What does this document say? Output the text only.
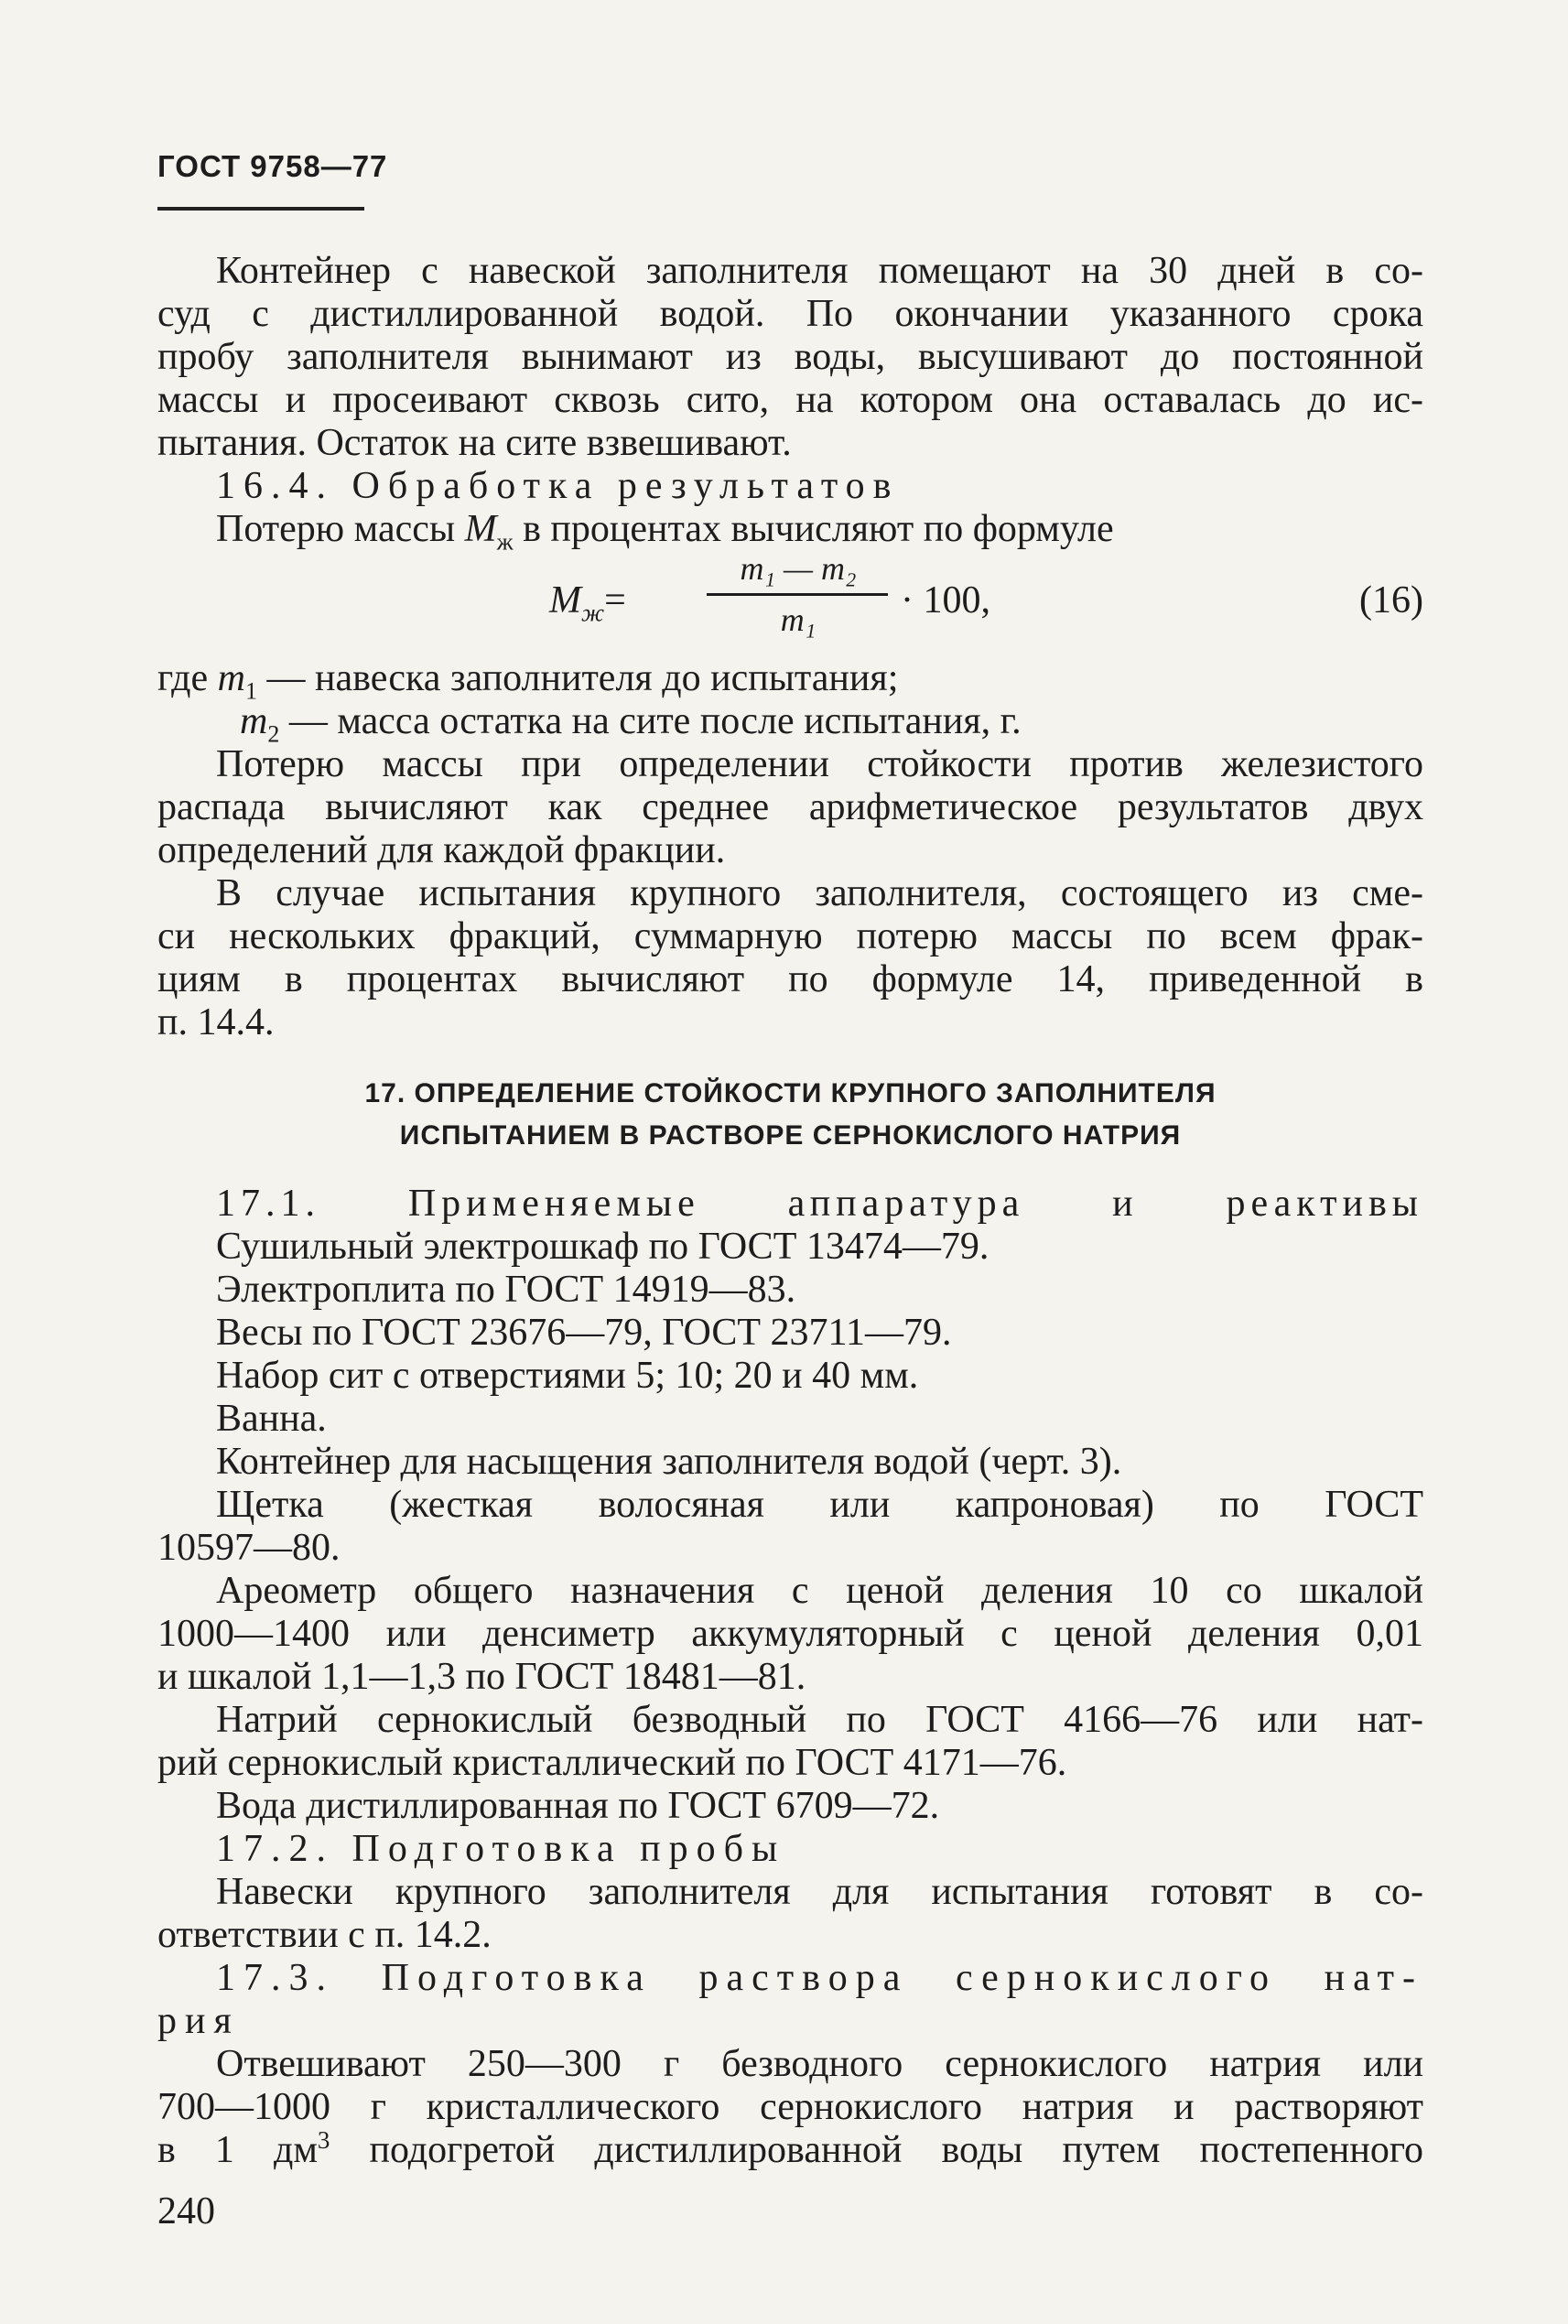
ГОСТ 9758—77
Контейнер с навеской заполнителя помещают на 30 дней в со-
суд с дистиллированной водой. По окончании указанного срока
пробу заполнителя вынимают из воды, высушивают до постоянной
массы и просеивают сквозь сито, на котором она оставалась до ис-
пытания. Остаток на сите взвешивают.
16.4. Обработка результатов
Потерю массы $М_ж$ в процентах вычисляют по формуле
$М_ж=$
m₁ — m₂
m₁	· 100,	(16)
где $m_1$ — навеска заполнителя до испытания;
$m_2$ — масса остатка на сите после испытания, г.
Потерю массы при определении стойкости против железистого
распада вычисляют как среднее арифметическое результатов двух
определений для каждой фракции.
В случае испытания крупного заполнителя, состоящего из сме-
си нескольких фракций, суммарную потерю массы по всем фрак-
циям в процентах вычисляют по формуле 14, приведенной в
п. 14.4.
17. ОПРЕДЕЛЕНИЕ СТОЙКОСТИ КРУПНОГО ЗАПОЛНИТЕЛЯ
ИСПЫТАНИЕМ В РАСТВОРЕ СЕРНОКИСЛОГО НАТРИЯ
17.1. Применяемые аппаратура и реактивы
Сушильный электрошкаф по ГОСТ 13474—79.
Электроплита по ГОСТ 14919—83.
Весы по ГОСТ 23676—79, ГОСТ 23711—79.
Набор сит с отверстиями 5; 10; 20 и 40 мм.
Ванна.
Контейнер для насыщения заполнителя водой (черт. 3).
Щетка (жесткая волосяная или капроновая) по ГОСТ
10597—80.
Ареометр общего назначения с ценой деления 10 со шкалой
1000—1400 или денсиметр аккумуляторный с ценой деления 0,01
и шкалой 1,1—1,3 по ГОСТ 18481—81.
Натрий сернокислый безводный по ГОСТ 4166—76 или нат-
рий сернокислый кристаллический по ГОСТ 4171—76.
Вода дистиллированная по ГОСТ 6709—72.
17.2. Подготовка пробы
Навески крупного заполнителя для испытания готовят в со-
ответствии с п. 14.2.
17.3. Подготовка раствора сернокислого нат-
рия
Отвешивают 250—300 г безводного сернокислого натрия или
700—1000 г кристаллического сернокислого натрия и растворяют
в 1 $дм^3$ подогретой дистиллированной воды путем постепенного
240
